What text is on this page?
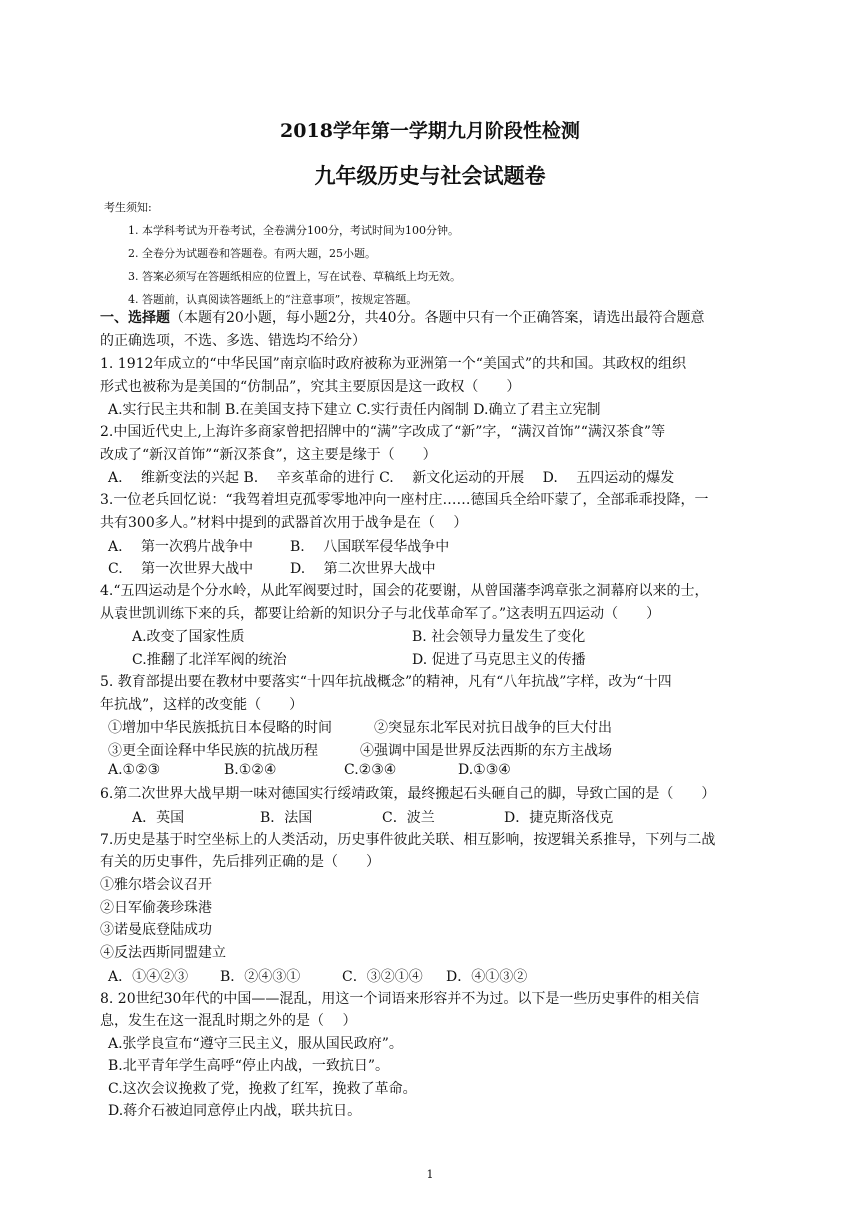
2018学年第一学期九月阶段性检测
九年级历史与社会试题卷
考生须知:
1. 本学科考试为开卷考试，全卷满分100分，考试时间为100分钟。
2. 全卷分为试题卷和答题卷。有两大题，25小题。
3. 答案必须写在答题纸相应的位置上，写在试卷、草稿纸上均无效。
4. 答题前，认真阅读答题纸上的“注意事项”，按规定答题。
一、选择题（本题有20小题，每小题2分，共40分。各题中只有一个正确答案，请选出最符合题意
的正确选项，不选、多选、错选均不给分）
1. 1912年成立的“中华民国”南京临时政府被称为亚洲第一个“美国式”的共和国。其政权的组织
形式也被称为是美国的“仿制品”，究其主要原因是这一政权（　　）
A.实行民主共和制 B.在美国支持下建立 C.实行责任内阁制 D.确立了君主立宪制
2.中国近代史上,上海许多商家曾把招牌中的“满”字改成了“新”字，“满汉首饰”“满汉茶食”等
改成了“新汉首饰”“新汉茶食”，这主要是缘于（　　）
A.　 维新变法的兴起 B.　 辛亥革命的进行 C.　 新文化运动的开展　 D.　 五四运动的爆发
3.一位老兵回忆说：“我驾着坦克孤零零地冲向一座村庄……德国兵全给吓蒙了，全部乖乖投降，一
共有300多人。”材料中提到的武器首次用于战争是在（　 ）
A.　 第一次鸦片战争中	B.　 八国联军侵华战争中
C.　 第一次世界大战中	D.　 第二次世界大战中
4.“五四运动是个分水岭，从此军阀要过时，国会的花要谢，从曾国藩李鸿章张之洞幕府以来的士，
从袁世凯训练下来的兵，都要让给新的知识分子与北伐革命军了。”这表明五四运动（　　）
A.改变了国家性质	B. 社会领导力量发生了变化
C.推翻了北洋军阀的统治	D. 促进了马克思主义的传播
5. 教育部提出要在教材中要落实“十四年抗战概念”的精神，凡有“八年抗战”字样，改为“十四
年抗战”，这样的改变能（　　）
①增加中华民族抵抗日本侵略的时间	②突显东北军民对抗日战争的巨大付出
③更全面诠释中华民族的抗战历程	④强调中国是世界反法西斯的东方主战场
A.①②③	B.①②④	C.②③④	D.①③④
6.第二次世界大战早期一味对德国实行绥靖政策，最终搬起石头砸自己的脚，导致亡国的是（　　）
A．英国	B．法国	C．波兰	D．捷克斯洛伐克
7.历史是基于时空坐标上的人类活动，历史事件彼此关联、相互影响，按逻辑关系推导，下列与二战
有关的历史事件，先后排列正确的是（　　）
①雅尔塔会议召开
②日军偷袭珍珠港
③诺曼底登陆成功
④反法西斯同盟建立
A．①④②③ B．②④③①	C．③②①④ D．④①③②
8. 20世纪30年代的中国——混乱，用这一个词语来形容并不为过。以下是一些历史事件的相关信
息，发生在这一混乱时期之外的是（　 ）
A.张学良宣布“遵守三民主义，服从国民政府”。
B.北平青年学生高呼“停止内战，一致抗日”。
C.这次会议挽救了党，挽救了红军，挽救了革命。
D.蒋介石被迫同意停止内战，联共抗日。
1
